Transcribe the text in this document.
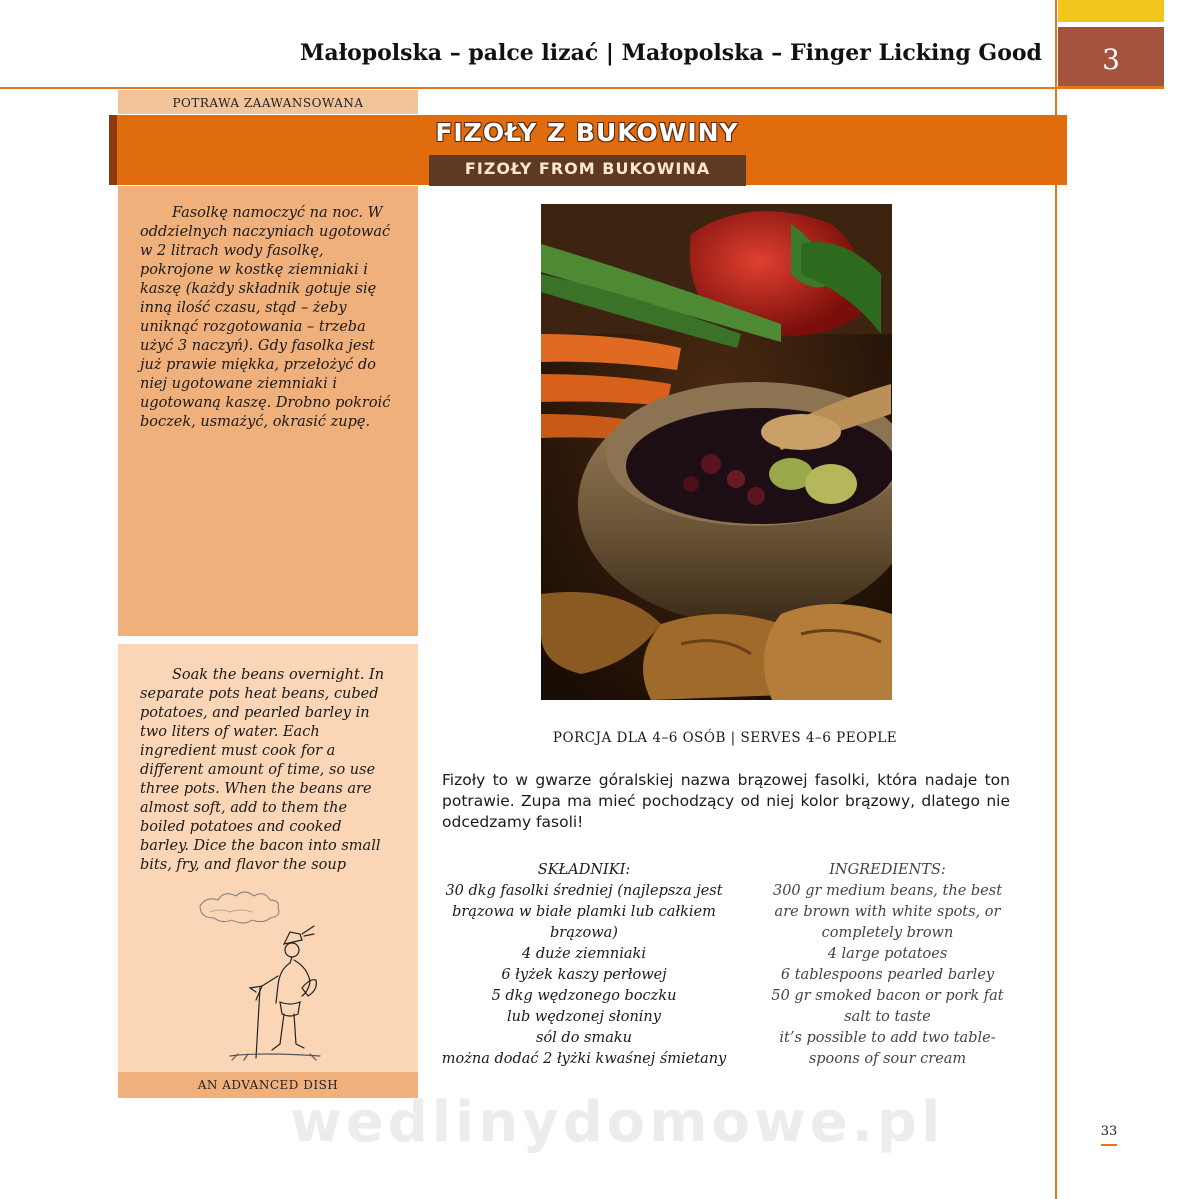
Małopolska – palce lizać | Małopolska – Finger Licking Good	3
POTRAWA ZAAWANSOWANA
Fasolkę namoczyć na noc. W oddzielnych naczyniach ugotować w 2 litrach wody fasolkę, pokrojone w kostkę ziemniaki i kaszę (każdy składnik gotuje się inną ilość czasu, stąd – żeby uniknąć rozgotowania – trzeba użyć 3 naczyń). Gdy fasolka jest już prawie miękka, przełożyć do niej ugotowane ziemniaki i ugotowaną kaszę. Drobno pokroić boczek, usmażyć, okrasić zupę.
Soak the beans overnight. In separate pots heat beans, cubed potatoes, and pearled barley in two liters of water. Each ingredient must cook for a different amount of time, so use three pots. When the beans are almost soft, add to them the boiled potatoes and cooked barley. Dice the bacon into small bits, fry, and flavor the soup
AN ADVANCED DISH
FIZOŁY Z BUKOWINY
FIZOŁY FROM BUKOWINA
PORCJA DLA 4–6 OSÓB | SERVES 4–6 PEOPLE
Fizoły to w gwarze góralskiej nazwa brązowej fasolki, która nadaje ton potrawie. Zupa ma mieć pochodzący od niej kolor brązowy, dlatego nie odcedzamy fasoli!
SKŁADNIKI:
30 dkg fasolki średniej (najlepsza jest
brązowa w białe plamki lub całkiem
brązowa)
4 duże ziemniaki
6 łyżek kaszy perłowej
5 dkg wędzonego boczku
lub wędzonej słoniny
sól do smaku
można dodać 2 łyżki kwaśnej śmietany
INGREDIENTS:
300 gr medium beans, the best
are brown with white spots, or
completely brown
4 large potatoes
6 tablespoons pearled barley
50 gr smoked bacon or pork fat
salt to taste
it’s possible to add two table-
spoons of sour cream
wedlinydomowe.pl	33
